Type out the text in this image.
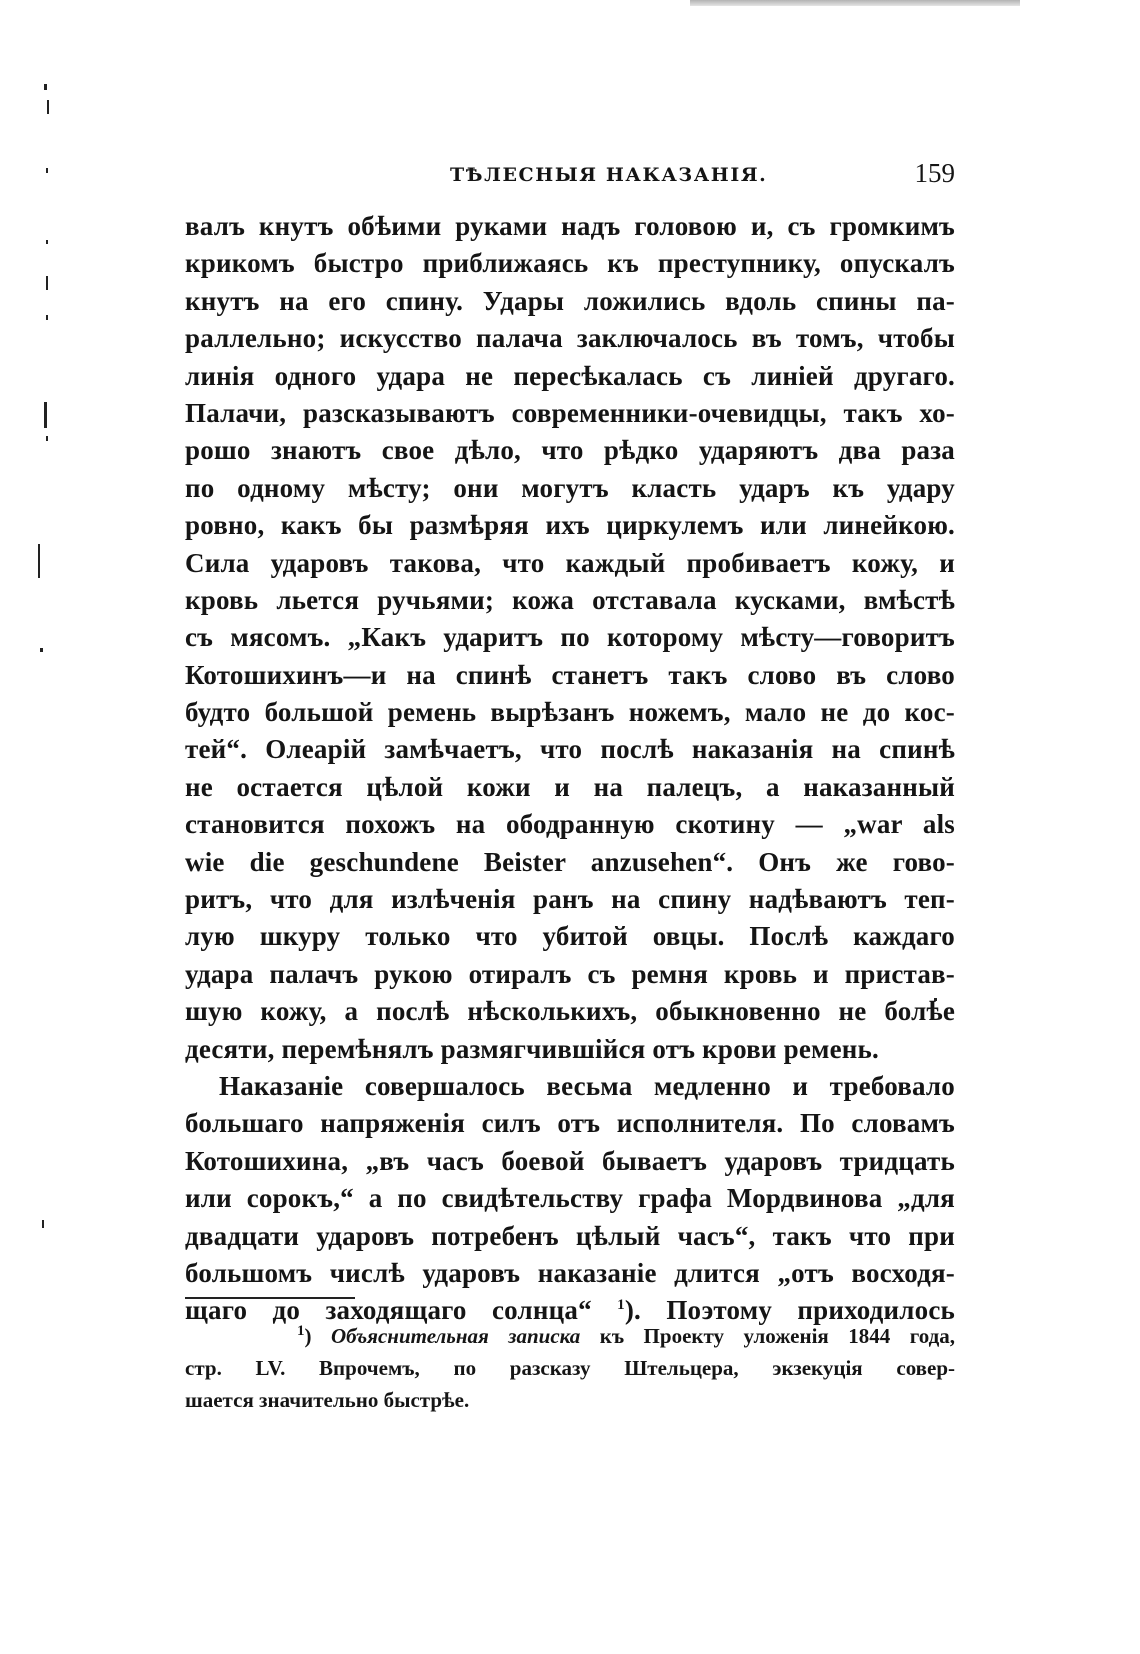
ТѢЛЕСНЫЯ НАКАЗАНІЯ.	159
валъ кнутъ обѣими руками надъ головою и, съ громкимъ
крикомъ быстро приближаясь къ преступнику, опускалъ
кнутъ на его спину. Удары ложились вдоль спины па-
раллельно; искусство палача заключалось въ томъ, чтобы
линія одного удара не пересѣкалась съ линіей другаго.
Палачи, разсказываютъ современники-очевидцы, такъ хо-
рошо знаютъ свое дѣло, что рѣдко ударяютъ два раза
по одному мѣсту; они могутъ класть ударъ къ удару
ровно, какъ бы размѣряя ихъ циркулемъ или линейкою.
Сила ударовъ такова, что каждый пробиваетъ кожу, и
кровь льется ручьями; кожа отставала кусками, вмѣстѣ
съ мясомъ. „Какъ ударитъ по которому мѣсту—говоритъ
Котошихинъ—и на спинѣ станетъ такъ слово въ слово
будто большой ремень вырѣзанъ ножемъ, мало не до кос-
тей“. Олеарій замѣчаетъ, что послѣ наказанія на спинѣ
не остается цѣлой кожи и на палецъ, а наказанный
становится похожъ на ободранную скотину — „war als
wie die geschundene Beister anzusehen“. Онъ же гово-
ритъ, что для излѣченія ранъ на спину надѣваютъ теп-
лую шкуру только что убитой овцы. Послѣ каждаго
удара палачъ рукою отиралъ съ ремня кровь и пристав-
шую кожу, а послѣ нѣсколькихъ, обыкновенно не болѣе
десяти, перемѣнялъ размягчившійся отъ крови ремень.
Наказаніе совершалось весьма медленно и требовало
большаго напряженія силъ отъ исполнителя. По словамъ
Котошихина, „въ часъ боевой бываетъ ударовъ тридцать
или сорокъ,“ а по свидѣтельству графа Мордвинова „для
двадцати ударовъ потребенъ цѣлый часъ“, такъ что при
большомъ числѣ ударовъ наказаніе длится „отъ восходя-
щаго до заходящаго солнца“ $^1$). Поэтому приходилось
$^1$) Объяснительная записка къ Проекту уложенія 1844 года,
стр. LV. Впрочемъ, по разсказу Штельцера, экзекуція совер-
шается значительно быстрѣе.
